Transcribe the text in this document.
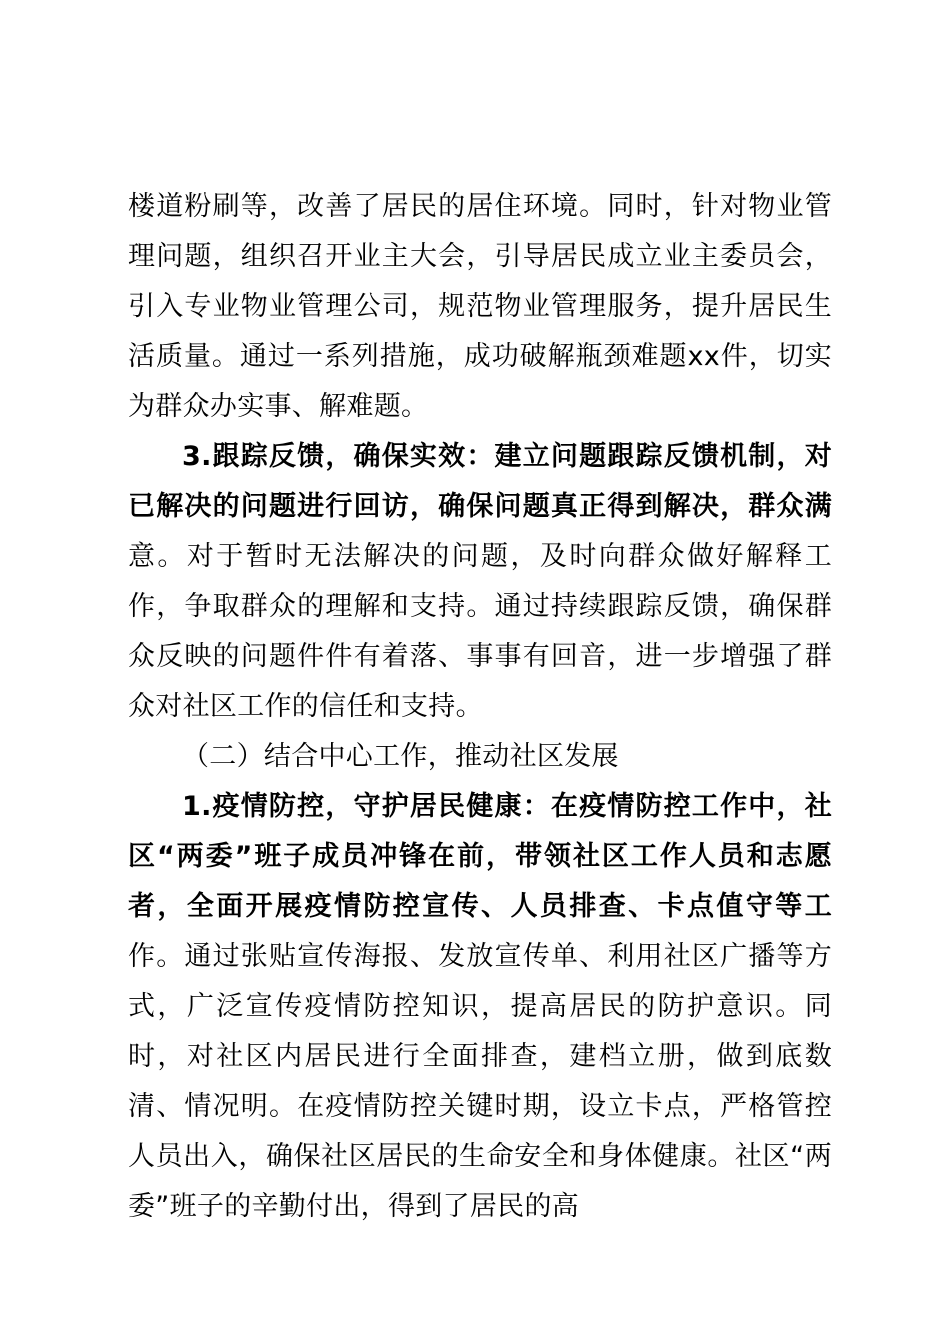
楼道粉刷等，改善了居民的居住环境。同时，针对物业管理问题，组织召开业主大会，引导居民成立业主委员会，引入专业物业管理公司，规范物业管理服务，提升居民生活质量。通过一系列措施，成功破解瓶颈难题xx件，切实为群众办实事、解难题。

3.跟踪反馈，确保实效：建立问题跟踪反馈机制，对已解决的问题进行回访，确保问题真正得到解决，群众满意。对于暂时无法解决的问题，及时向群众做好解释工作，争取群众的理解和支持。通过持续跟踪反馈，确保群众反映的问题件件有着落、事事有回音，进一步增强了群众对社区工作的信任和支持。

（二）结合中心工作，推动社区发展

1.疫情防控，守护居民健康：在疫情防控工作中，社区“两委”班子成员冲锋在前，带领社区工作人员和志愿者，全面开展疫情防控宣传、人员排查、卡点值守等工作。通过张贴宣传海报、发放宣传单、利用社区广播等方式，广泛宣传疫情防控知识，提高居民的防护意识。同时，对社区内居民进行全面排查，建档立册，做到底数清、情况明。在疫情防控关键时期，设立卡点，严格管控人员出入，确保社区居民的生命安全和身体健康。社区“两委”班子的辛勤付出，得到了居民的高
